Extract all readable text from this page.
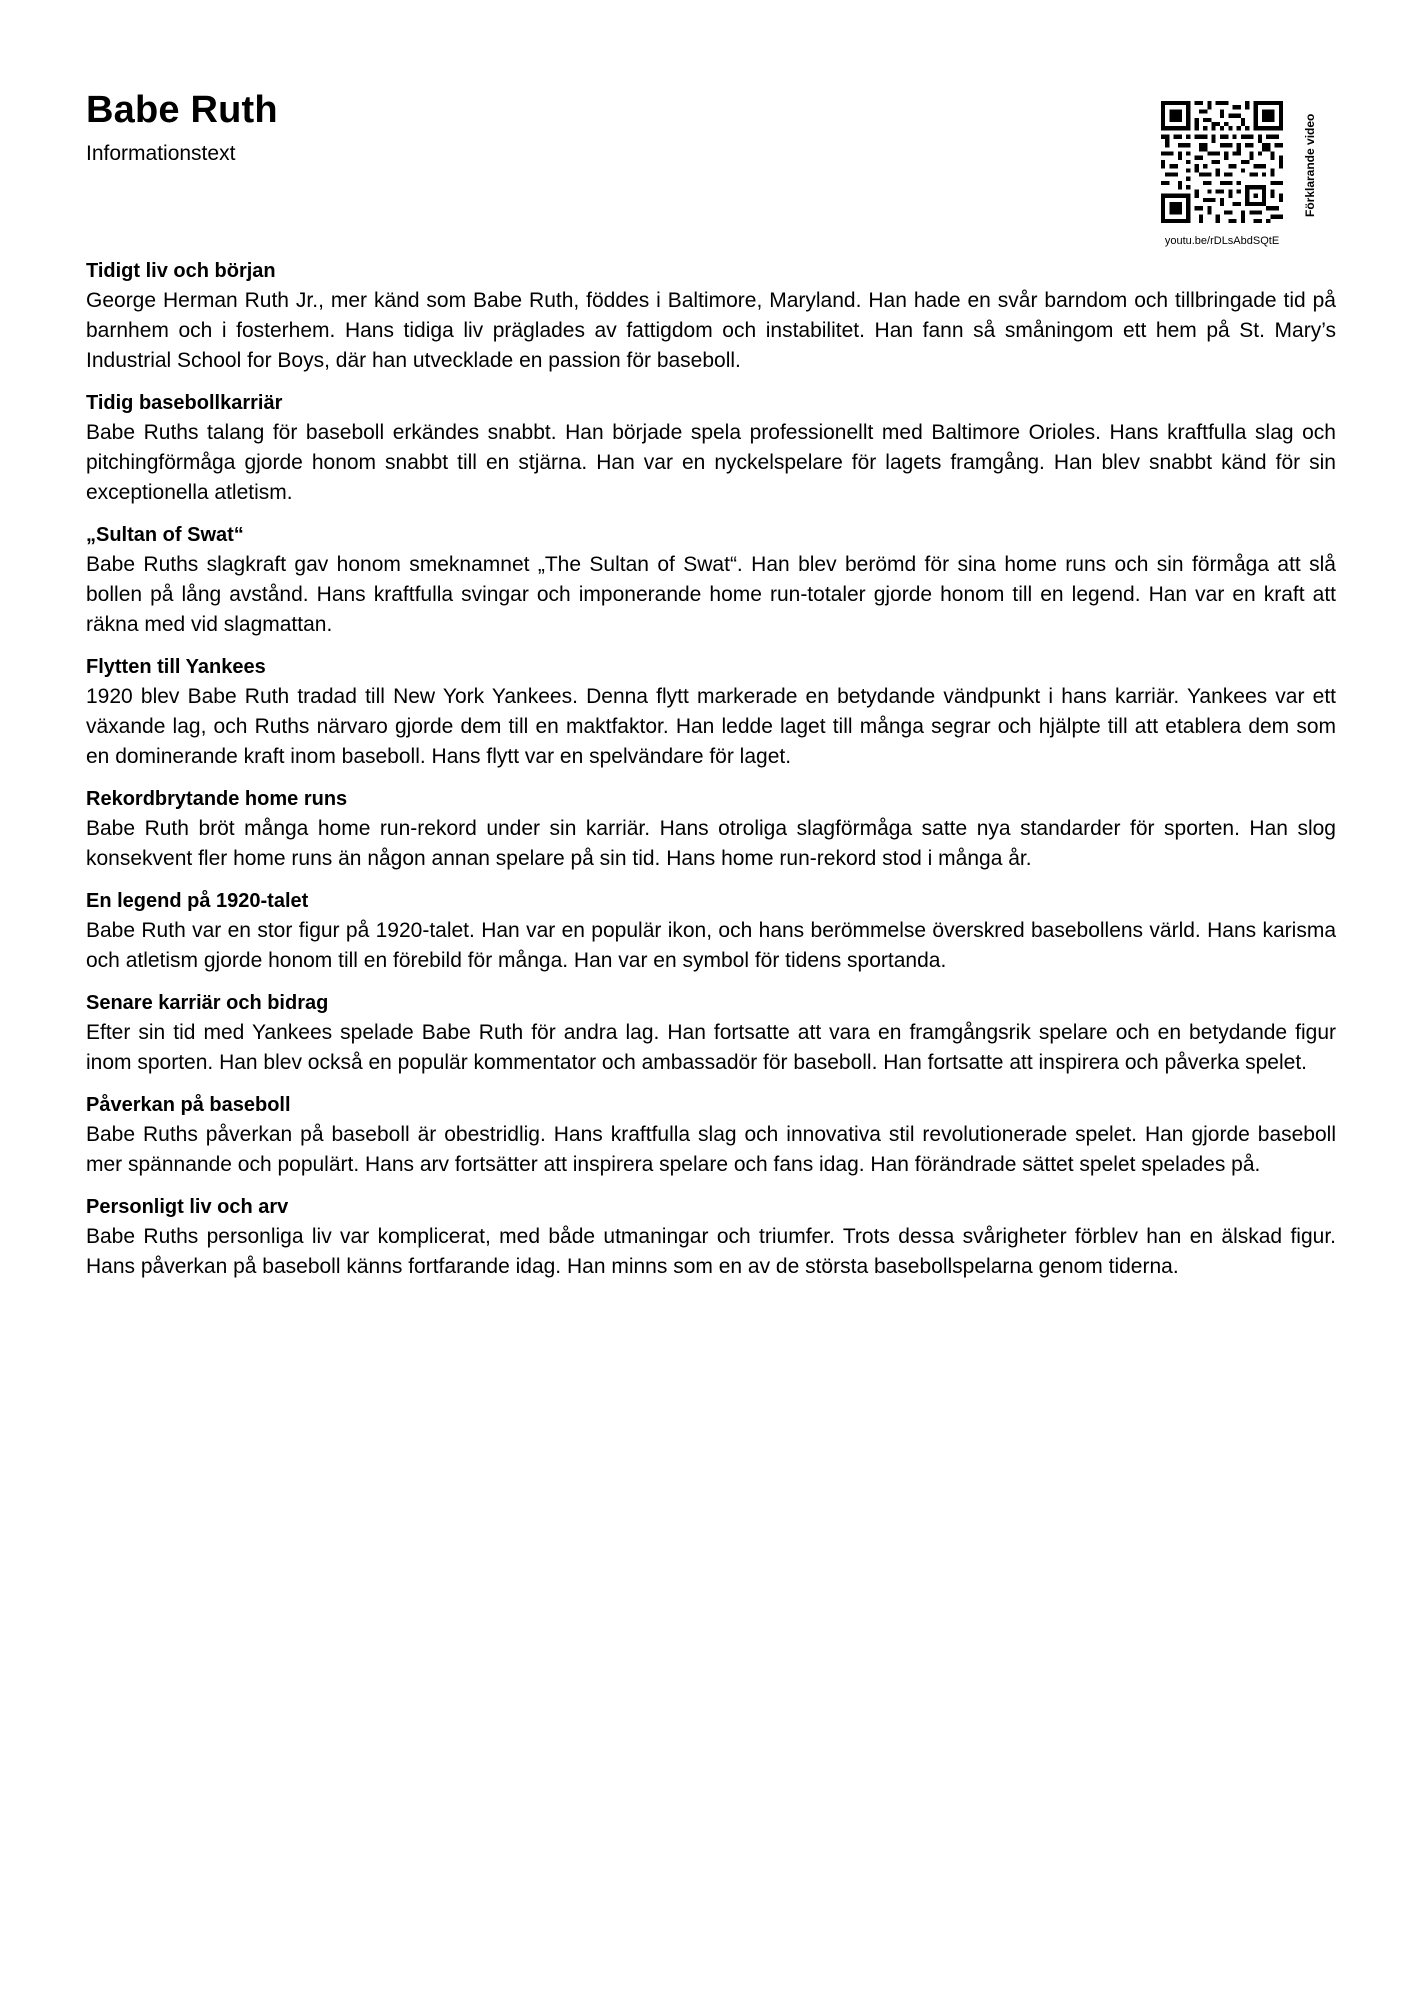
Babe Ruth

Informationstext

youtu.be/rDLsAbdSQtE
Förklarande video
Tidigt liv och början

George Herman Ruth Jr., mer känd som Babe Ruth, föddes i Baltimore, Maryland. Han hade en svår barndom och tillbringade tid på barnhem och i fosterhem. Hans tidiga liv präglades av fattigdom och instabilitet. Han fann så småningom ett hem på St. Mary’s Industrial School for Boys, där han utvecklade en passion för baseboll.

Tidig basebollkarriär

Babe Ruths talang för baseboll erkändes snabbt. Han började spela professionellt med Baltimore Orioles. Hans kraftfulla slag och pitchingförmåga gjorde honom snabbt till en stjärna. Han var en nyckelspelare för lagets framgång. Han blev snabbt känd för sin exceptionella atletism.

„Sultan of Swat“

Babe Ruths slagkraft gav honom smeknamnet „The Sultan of Swat“. Han blev berömd för sina home runs och sin förmåga att slå bollen på lång avstånd. Hans kraftfulla svingar och imponerande home run-totaler gjorde honom till en legend. Han var en kraft att räkna med vid slagmattan.

Flytten till Yankees

1920 blev Babe Ruth tradad till New York Yankees. Denna flytt markerade en betydande vändpunkt i hans karriär. Yankees var ett växande lag, och Ruths närvaro gjorde dem till en maktfaktor. Han ledde laget till många segrar och hjälpte till att etablera dem som en dominerande kraft inom baseboll. Hans flytt var en spelvändare för laget.

Rekordbrytande home runs

Babe Ruth bröt många home run-rekord under sin karriär. Hans otroliga slagförmåga satte nya standarder för sporten. Han slog konsekvent fler home runs än någon annan spelare på sin tid. Hans home run-rekord stod i många år.

En legend på 1920-talet

Babe Ruth var en stor figur på 1920-talet. Han var en populär ikon, och hans berömmelse överskred basebollens värld. Hans karisma och atletism gjorde honom till en förebild för många. Han var en symbol för tidens sportanda.

Senare karriär och bidrag

Efter sin tid med Yankees spelade Babe Ruth för andra lag. Han fortsatte att vara en framgångsrik spelare och en betydande figur inom sporten. Han blev också en populär kommentator och ambassadör för baseboll. Han fortsatte att inspirera och påverka spelet.

Påverkan på baseboll

Babe Ruths påverkan på baseboll är obestridlig. Hans kraftfulla slag och innovativa stil revolutionerade spelet. Han gjorde baseboll mer spännande och populärt. Hans arv fortsätter att inspirera spelare och fans idag. Han förändrade sättet spelet spelades på.

Personligt liv och arv

Babe Ruths personliga liv var komplicerat, med både utmaningar och triumfer. Trots dessa svårigheter förblev han en älskad figur. Hans påverkan på baseboll känns fortfarande idag. Han minns som en av de största basebollspelarna genom tiderna.
